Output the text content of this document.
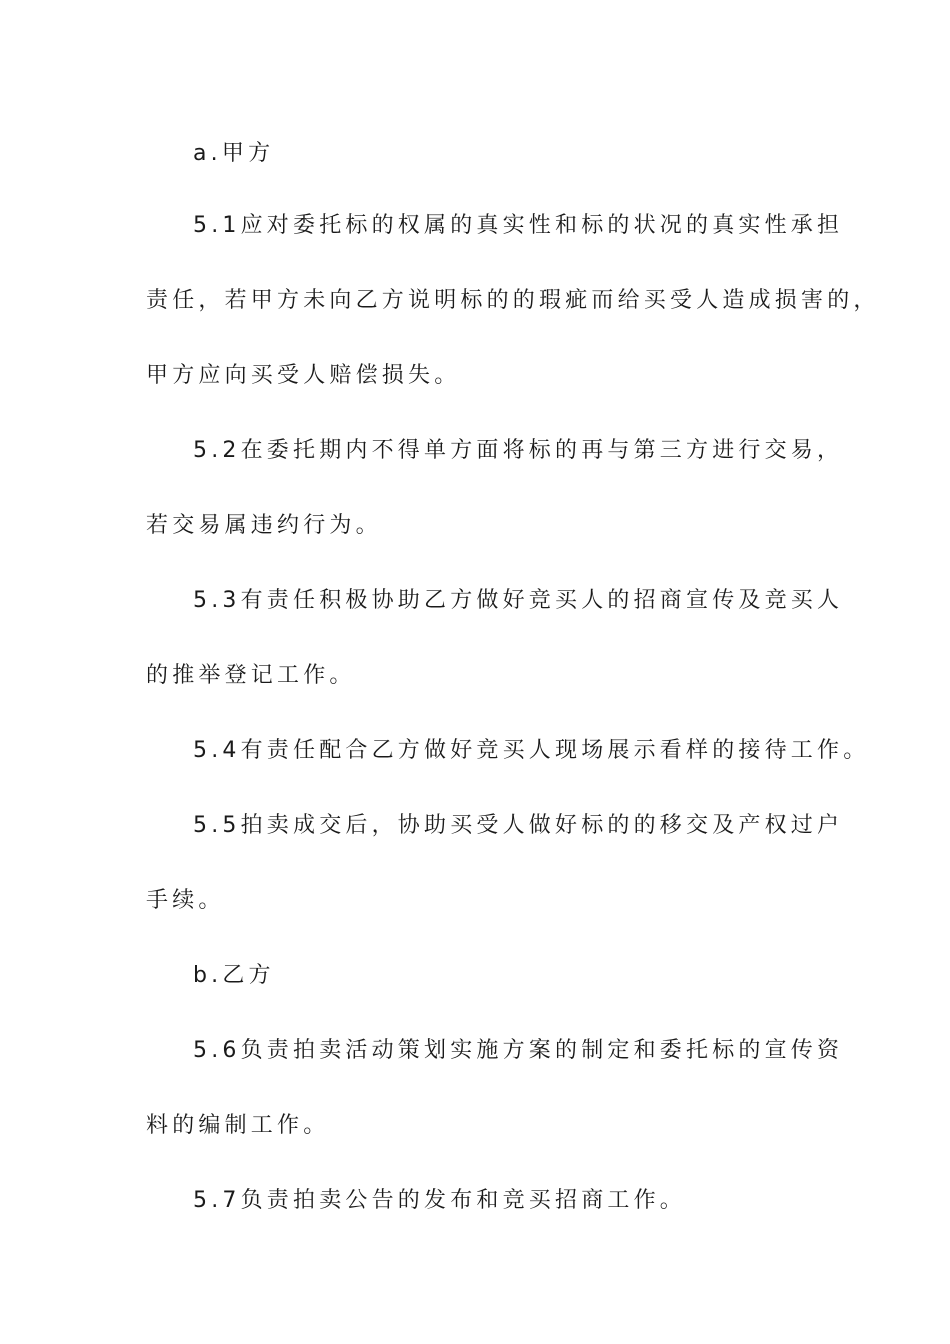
a.甲方

5.1应对委托标的权属的真实性和标的状况的真实性承担

责任，若甲方未向乙方说明标的的瑕疵而给买受人造成损害的，

甲方应向买受人赔偿损失。

5.2在委托期内不得单方面将标的再与第三方进行交易，

若交易属违约行为。

5.3有责任积极协助乙方做好竞买人的招商宣传及竞买人

的推举登记工作。

5.4有责任配合乙方做好竞买人现场展示看样的接待工作。

5.5拍卖成交后，协助买受人做好标的的移交及产权过户

手续。

b.乙方

5.6负责拍卖活动策划实施方案的制定和委托标的宣传资

料的编制工作。

5.7负责拍卖公告的发布和竞买招商工作。
